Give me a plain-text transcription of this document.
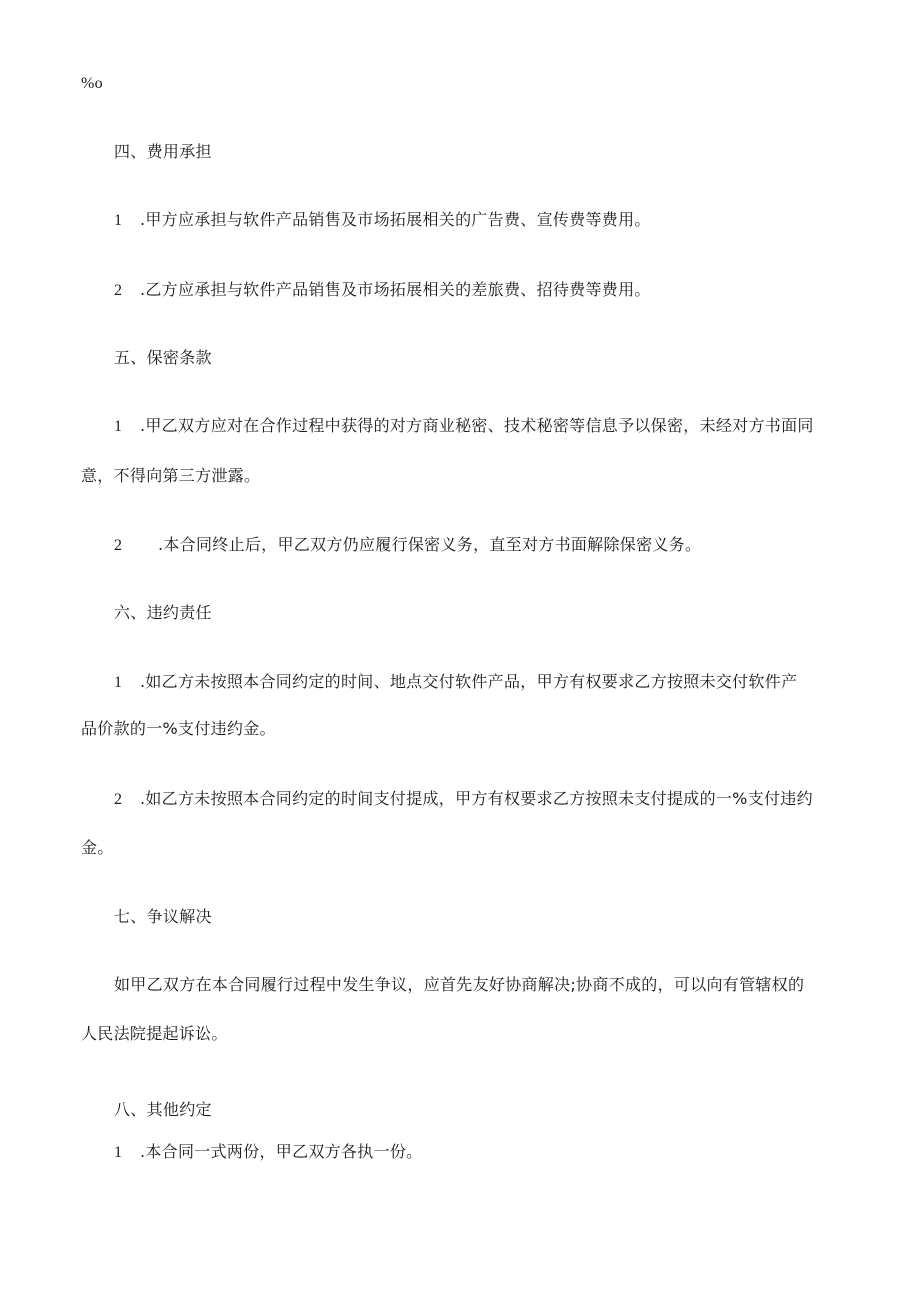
%o
四、费用承担
1 .甲方应承担与软件产品销售及市场拓展相关的广告费、宣传费等费用。
2 .乙方应承担与软件产品销售及市场拓展相关的差旅费、招待费等费用。
五、保密条款
1 .甲乙双方应对在合作过程中获得的对方商业秘密、技术秘密等信息予以保密，未经对方书面同
意，不得向第三方泄露。
2 .本合同终止后，甲乙双方仍应履行保密义务，直至对方书面解除保密义务。
六、违约责任
1 .如乙方未按照本合同约定的时间、地点交付软件产品，甲方有权要求乙方按照未交付软件产
品价款的一%支付违约金。
2 .如乙方未按照本合同约定的时间支付提成，甲方有权要求乙方按照未支付提成的一%支付违约
金。
七、争议解决
如甲乙双方在本合同履行过程中发生争议，应首先友好协商解决;协商不成的，可以向有管辖权的
人民法院提起诉讼。
八、其他约定
1 .本合同一式两份，甲乙双方各执一份。
